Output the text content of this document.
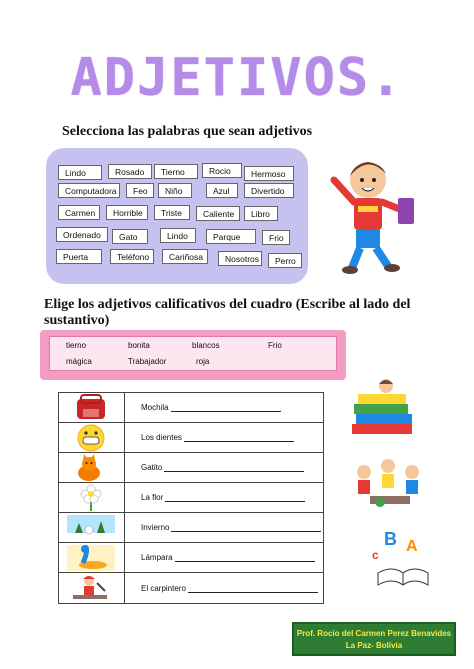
ADJETIVOS.
Selecciona las palabras que sean adjetivos
Lindo	Rosado	Tierno	Rocio	Hermoso
Computadora	Feo	Niño	Azul	Divertido
Carmen	Horrible	Triste	Caliente	Libro
Ordenado	Gato	Lindo	Parque	Frio
Puerta	Teléfono	Cariñosa	Nosotros	Perro
Elige los adjetivos calificativos del cuadro (Escribe al lado del sustantivo)
tierno	bonita	blancos	Frio
mágica	Trabajador	roja
Mochila
Los dientes
Gatito
La flor
Invierno
Lámpara
El carpintero
B A
c
Prof. Rocio del Carmen Perez Benavides
La Paz- Bolivia
